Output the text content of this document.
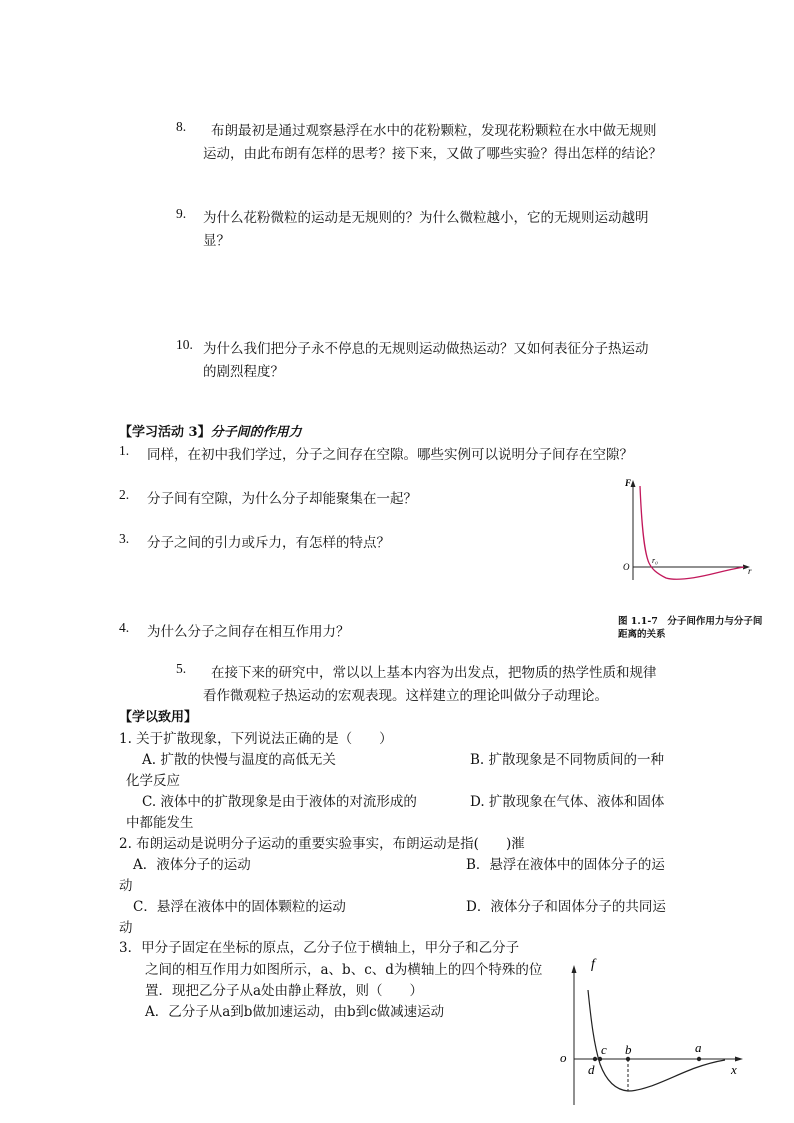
8. 布朗最初是通过观察悬浮在水中的花粉颗粒，发现花粉颗粒在水中做无规则
运动，由此布朗有怎样的思考？接下来，又做了哪些实验？得出怎样的结论？
9. 为什么花粉微粒的运动是无规则的？为什么微粒越小，它的无规则运动越明
显？
10. 为什么我们把分子永不停息的无规则运动做热运动？又如何表征分子热运动
的剧烈程度？
【学习活动 3】分子间的作用力
1. 同样，在初中我们学过，分子之间存在空隙。哪些实例可以说明分子间存在空隙？
2. 分子间有空隙，为什么分子却能聚集在一起？
3. 分子之间的引力或斥力，有怎样的特点？
4. 为什么分子之间存在相互作用力？
5. 在接下来的研究中，常以以上基本内容为出发点，把物质的热学性质和规律
看作微观粒子热运动的宏观表现。这样建立的理论叫做分子动理论。
F
r
O
r₀
图 1.1-7　分子间作用力与分子间
距离的关系
【学以致用】
1. 关于扩散现象，下列说法正确的是（　　）
A. 扩散的快慢与温度的高低无关	B. 扩散现象是不同物质间的一种
化学反应
C. 液体中的扩散现象是由于液体的对流形成的	D. 扩散现象在气体、液体和固体
中都能发生
2. 布朗运动是说明分子运动的重要实验事实，布朗运动是指(　　)漼
A．液体分子的运动	B．悬浮在液体中的固体分子的运
动
C．悬浮在液体中的固体颗粒的运动	D．液体分子和固体分子的共同运
动
3．甲分子固定在坐标的原点，乙分子位于横轴上，甲分子和乙分子
之间的相互作用力如图所示，a、b、c、d为横轴上的四个特殊的位
置．现把乙分子从a处由静止释放，则（　　）
A．乙分子从a到b做加速运动，由b到c做减速运动
f
x
o
a
b
c
d
